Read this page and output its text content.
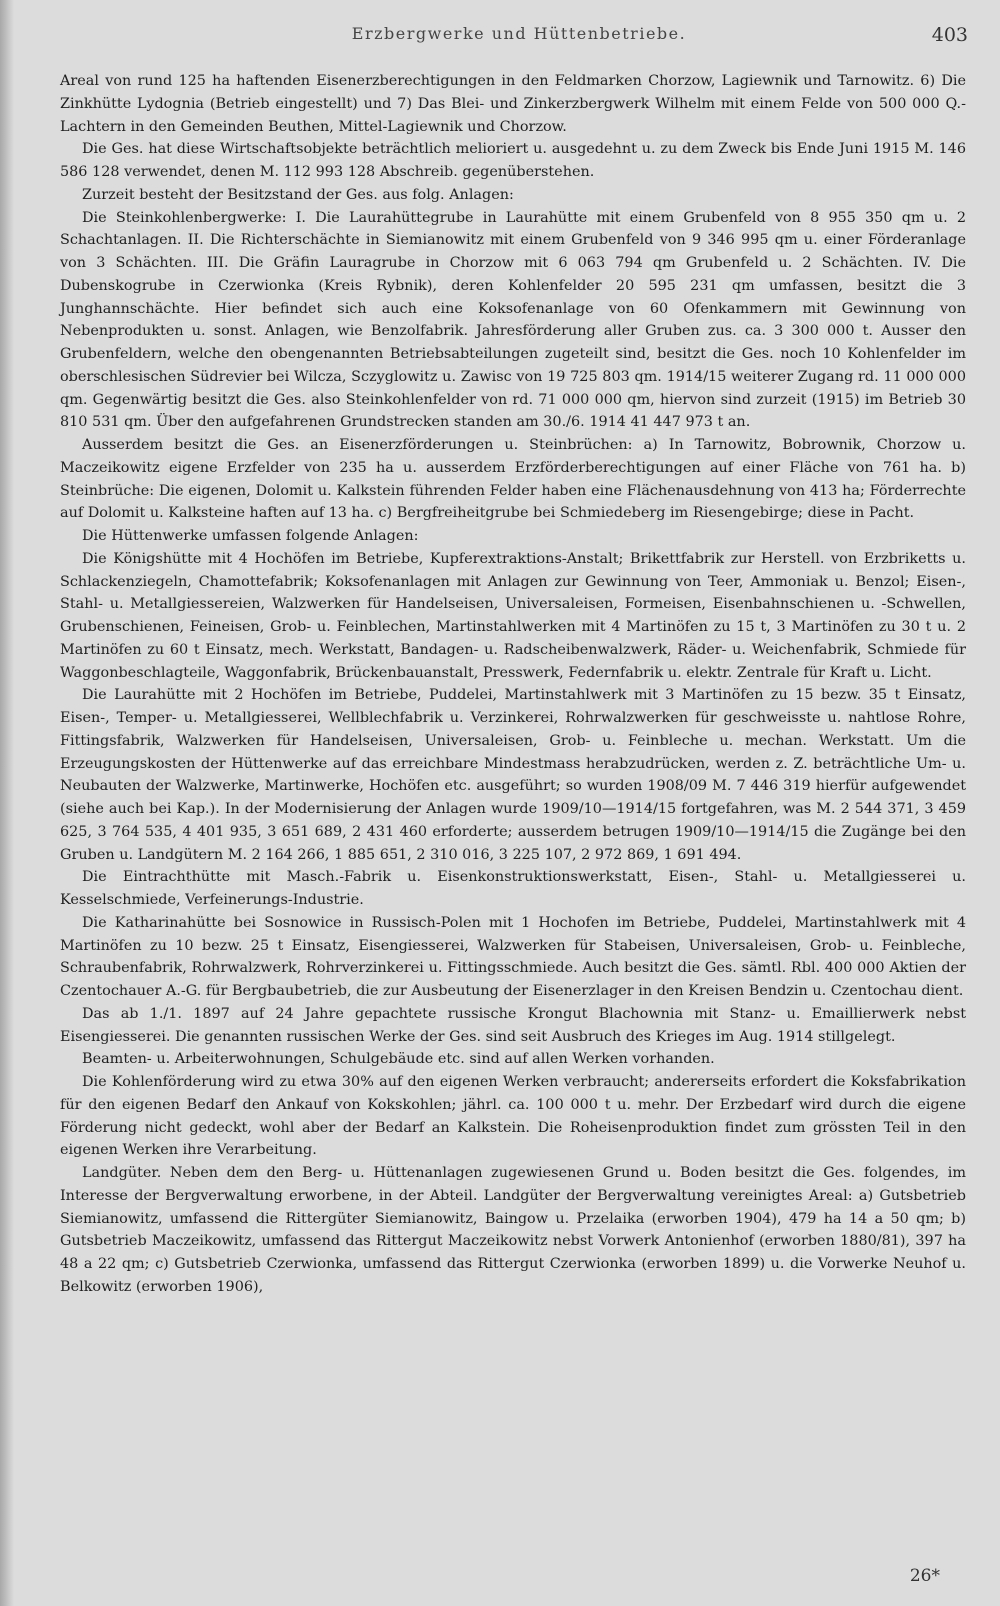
Erzbergwerke und Hüttenbetriebe.	403

Areal von rund 125 ha haftenden Eisenerzberechtigungen in den Feldmarken Chorzow, Lagiewnik und Tarnowitz. 6) Die Zinkhütte Lydognia (Betrieb eingestellt) und 7) Das Blei- und Zinkerzbergwerk Wilhelm mit einem Felde von 500 000 Q.-Lachtern in den Gemeinden Beuthen, Mittel-Lagiewnik und Chorzow.

Die Ges. hat diese Wirtschaftsobjekte beträchtlich melioriert u. ausgedehnt u. zu dem Zweck bis Ende Juni 1915 M. 146 586 128 verwendet, denen M. 112 993 128 Abschreib. gegenüberstehen.

Zurzeit besteht der Besitzstand der Ges. aus folg. Anlagen:

Die Steinkohlenbergwerke: I. Die Laurahüttegrube in Laurahütte mit einem Grubenfeld von 8 955 350 qm u. 2 Schachtanlagen. II. Die Richterschächte in Siemianowitz mit einem Grubenfeld von 9 346 995 qm u. einer Förderanlage von 3 Schächten. III. Die Gräfin Lauragrube in Chorzow mit 6 063 794 qm Grubenfeld u. 2 Schächten. IV. Die Dubenskogrube in Czerwionka (Kreis Rybnik), deren Kohlenfelder 20 595 231 qm umfassen, besitzt die 3 Junghannschächte. Hier befindet sich auch eine Koksofenanlage von 60 Ofenkammern mit Gewinnung von Nebenprodukten u. sonst. Anlagen, wie Benzolfabrik. Jahresförderung aller Gruben zus. ca. 3 300 000 t. Ausser den Grubenfeldern, welche den obengenannten Betriebsabteilungen zugeteilt sind, besitzt die Ges. noch 10 Kohlenfelder im oberschlesischen Südrevier bei Wilcza, Sczyglowitz u. Zawisc von 19 725 803 qm. 1914/15 weiterer Zugang rd. 11 000 000 qm. Gegenwärtig besitzt die Ges. also Steinkohlenfelder von rd. 71 000 000 qm, hiervon sind zurzeit (1915) im Betrieb 30 810 531 qm. Über den aufgefahrenen Grundstrecken standen am 30./6. 1914 41 447 973 t an.

Ausserdem besitzt die Ges. an Eisenerzförderungen u. Steinbrüchen: a) In Tarnowitz, Bobrownik, Chorzow u. Maczeikowitz eigene Erzfelder von 235 ha u. ausserdem Erzförderberechtigungen auf einer Fläche von 761 ha. b) Steinbrüche: Die eigenen, Dolomit u. Kalkstein führenden Felder haben eine Flächenausdehnung von 413 ha; Förderrechte auf Dolomit u. Kalksteine haften auf 13 ha. c) Bergfreiheitgrube bei Schmiedeberg im Riesengebirge; diese in Pacht.

Die Hüttenwerke umfassen folgende Anlagen:

Die Königshütte mit 4 Hochöfen im Betriebe, Kupferextraktions-Anstalt; Brikettfabrik zur Herstell. von Erzbriketts u. Schlackenziegeln, Chamottefabrik; Koksofenanlagen mit Anlagen zur Gewinnung von Teer, Ammoniak u. Benzol; Eisen-, Stahl- u. Metallgiessereien, Walzwerken für Handelseisen, Universaleisen, Formeisen, Eisenbahnschienen u. -Schwellen, Grubenschienen, Feineisen, Grob- u. Feinblechen, Martinstahlwerken mit 4 Martinöfen zu 15 t, 3 Martinöfen zu 30 t u. 2 Martinöfen zu 60 t Einsatz, mech. Werkstatt, Bandagen- u. Radscheibenwalzwerk, Räder- u. Weichenfabrik, Schmiede für Waggonbeschlagteile, Waggonfabrik, Brückenbauanstalt, Presswerk, Federnfabrik u. elektr. Zentrale für Kraft u. Licht.

Die Laurahütte mit 2 Hochöfen im Betriebe, Puddelei, Martinstahlwerk mit 3 Martinöfen zu 15 bezw. 35 t Einsatz, Eisen-, Temper- u. Metallgiesserei, Wellblechfabrik u. Verzinkerei, Rohrwalzwerken für geschweisste u. nahtlose Rohre, Fittingsfabrik, Walzwerken für Handelseisen, Universaleisen, Grob- u. Feinbleche u. mechan. Werkstatt. Um die Erzeugungskosten der Hüttenwerke auf das erreichbare Mindestmass herabzudrücken, werden z. Z. beträchtliche Um- u. Neubauten der Walzwerke, Martinwerke, Hochöfen etc. ausgeführt; so wurden 1908/09 M. 7 446 319 hierfür aufgewendet (siehe auch bei Kap.). In der Modernisierung der Anlagen wurde 1909/10—1914/15 fortgefahren, was M. 2 544 371, 3 459 625, 3 764 535, 4 401 935, 3 651 689, 2 431 460 erforderte; ausserdem betrugen 1909/10—1914/15 die Zugänge bei den Gruben u. Landgütern M. 2 164 266, 1 885 651, 2 310 016, 3 225 107, 2 972 869, 1 691 494.

Die Eintrachthütte mit Masch.-Fabrik u. Eisenkonstruktionswerkstatt, Eisen-, Stahl- u. Metallgiesserei u. Kesselschmiede, Verfeinerungs-Industrie.

Die Katharinahütte bei Sosnowice in Russisch-Polen mit 1 Hochofen im Betriebe, Puddelei, Martinstahlwerk mit 4 Martinöfen zu 10 bezw. 25 t Einsatz, Eisengiesserei, Walzwerken für Stabeisen, Universaleisen, Grob- u. Feinbleche, Schraubenfabrik, Rohrwalzwerk, Rohrverzinkerei u. Fittingsschmiede. Auch besitzt die Ges. sämtl. Rbl. 400 000 Aktien der Czentochauer A.-G. für Bergbaubetrieb, die zur Ausbeutung der Eisenerzlager in den Kreisen Bendzin u. Czentochau dient.

Das ab 1./1. 1897 auf 24 Jahre gepachtete russische Krongut Blachownia mit Stanz- u. Emaillierwerk nebst Eisengiesserei. Die genannten russischen Werke der Ges. sind seit Ausbruch des Krieges im Aug. 1914 stillgelegt.

Beamten- u. Arbeiterwohnungen, Schulgebäude etc. sind auf allen Werken vorhanden.

Die Kohlenförderung wird zu etwa 30% auf den eigenen Werken verbraucht; andererseits erfordert die Koksfabrikation für den eigenen Bedarf den Ankauf von Kokskohlen; jährl. ca. 100 000 t u. mehr. Der Erzbedarf wird durch die eigene Förderung nicht gedeckt, wohl aber der Bedarf an Kalkstein. Die Roheisenproduktion findet zum grössten Teil in den eigenen Werken ihre Verarbeitung.

Landgüter. Neben dem den Berg- u. Hüttenanlagen zugewiesenen Grund u. Boden besitzt die Ges. folgendes, im Interesse der Bergverwaltung erworbene, in der Abteil. Landgüter der Bergverwaltung vereinigtes Areal: a) Gutsbetrieb Siemianowitz, umfassend die Rittergüter Siemianowitz, Baingow u. Przelaika (erworben 1904), 479 ha 14 a 50 qm; b) Gutsbetrieb Maczeikowitz, umfassend das Rittergut Maczeikowitz nebst Vorwerk Antonienhof (erworben 1880/81), 397 ha 48 a 22 qm; c) Gutsbetrieb Czerwionka, umfassend das Rittergut Czerwionka (erworben 1899) u. die Vorwerke Neuhof u. Belkowitz (erworben 1906),

26*
